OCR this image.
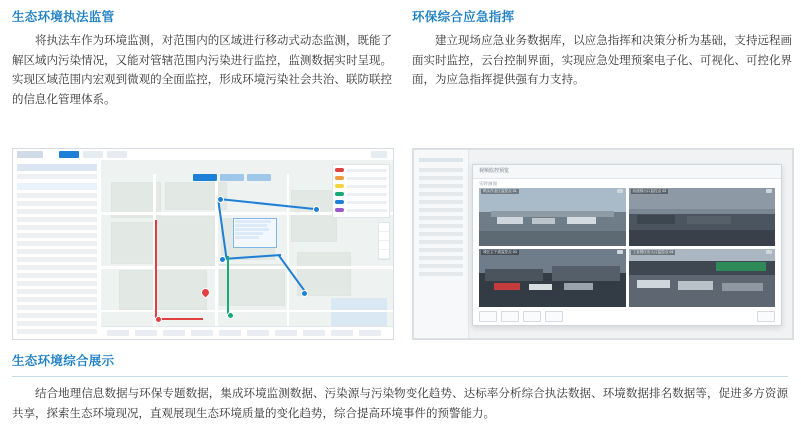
生态环境执法监管

将执法车作为环境监测，对范围内的区域进行移动式动态监测，既能了解区域内污染情况，又能对管辖范围内污染进行监控，监测数据实时呈现。实现区域范围内宏观到微观的全面监控，形成环境污染社会共治、联防联控的信息化管理体系。

环保综合应急指挥

建立现场应急业务数据库，以应急指挥和决策分析为基础，支持远程画面实时监控，云台控制界面，实现应急处理预案电子化、可视化、可控化界面，为应急指挥提供强有力支持。

视频监控预览
实时画面
码头作业区监控点 01	河道排污口监控点 02
城区主干道监控点 03	工业园区出入口监控点 04
生态环境综合展示

结合地理信息数据与环保专题数据，集成环境监测数据、污染源与污染物变化趋势、达标率分析综合执法数据、环境数据排名数据等，促进多方资源共享，探索生态环境现况，直观展现生态环境质量的变化趋势，综合提高环境事件的预警能力。
